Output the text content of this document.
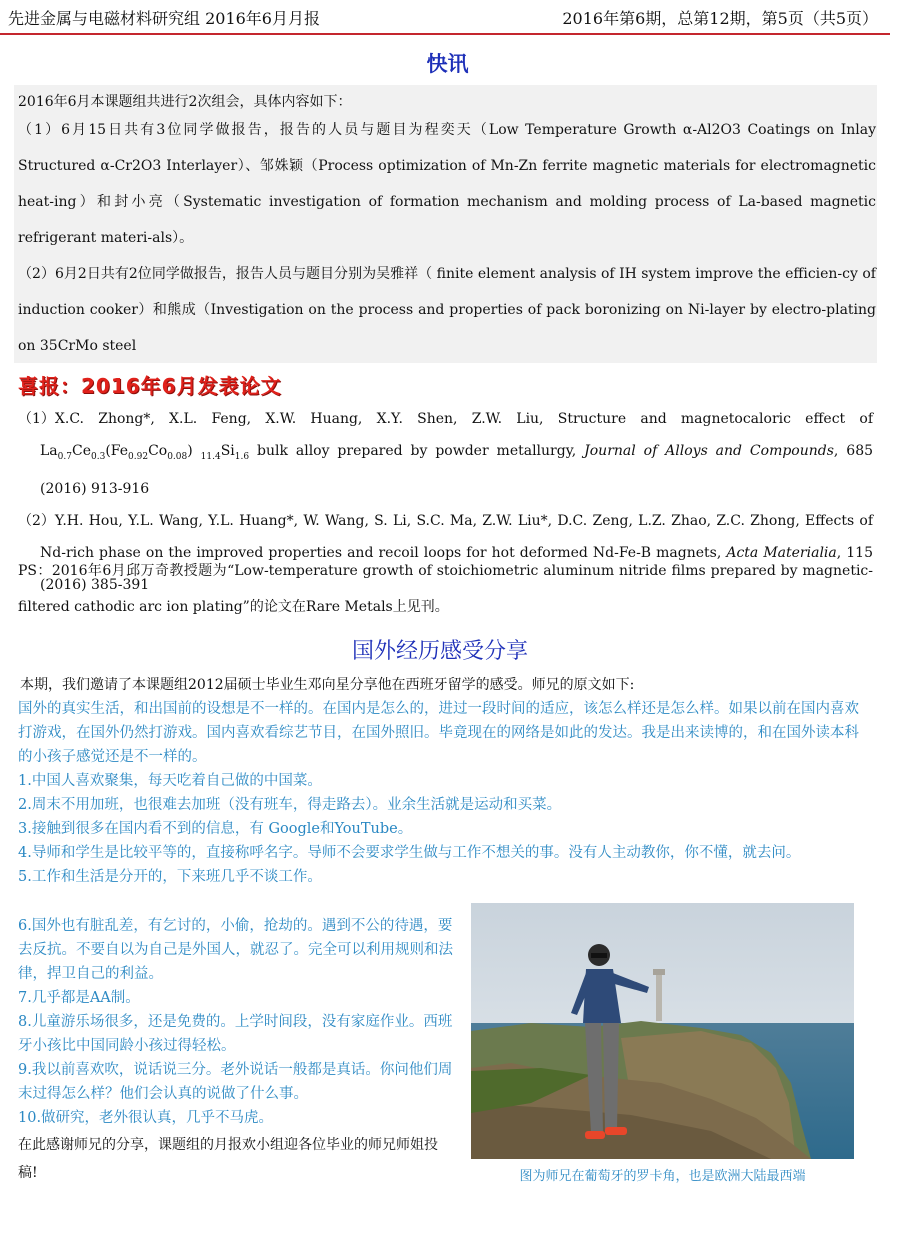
先进金属与电磁材料研究组 2016年6月月报	2016年第6期，总第12期，第5页（共5页）
快讯

2016年6月本课题组共进行2次组会，具体内容如下：

（1）6月15日共有3位同学做报告，报告的人员与题目为程奕天（Low Temperature Growth α-Al2O3 Coatings on Inlay Structured α-Cr2O3 Interlayer）、邹姝颖（Process optimization of Mn-Zn ferrite magnetic materials for electromagnetic heat-ing）和封小亮（Systematic investigation of formation mechanism and molding process of La-based magnetic refrigerant materi-als）。

（2）6月2日共有2位同学做报告，报告人员与题目分别为吴雅祥（ finite element analysis of IH system improve the efficien-cy of induction cooker）和熊成（Investigation on the process and properties of pack boronizing on Ni-layer by electro-plating on 35CrMo steel

喜报：2016年6月发表论文

（1）X.C. Zhong*, X.L. Feng, X.W. Huang, X.Y. Shen, Z.W. Liu, Structure and magnetocaloric effect of $La_{0.7}Ce_{0.3}(Fe_{0.92}Co_{0.08})$ $_{11.4}Si_{1.6}$ bulk alloy prepared by powder metallurgy, Journal of Alloys and Compounds, 685 (2016) 913-916

（2）Y.H. Hou, Y.L. Wang, Y.L. Huang*, W. Wang, S. Li, S.C. Ma, Z.W. Liu*, D.C. Zeng, L.Z. Zhao, Z.C. Zhong, Effects of Nd-rich phase on the improved properties and recoil loops for hot deformed Nd-Fe-B magnets, Acta Materialia, 115 (2016) 385-391

PS：2016年6月邱万奇教授题为“Low-temperature growth of stoichiometric aluminum nitride films prepared by magnetic-filtered cathodic arc ion plating”的论文在Rare Metals上见刊。

国外经历感受分享
本期，我们邀请了本课题组2012届硕士毕业生邓向星分享他在西班牙留学的感受。师兄的原文如下:

国外的真实生活，和出国前的设想是不一样的。在国内是怎么的，进过一段时间的适应，该怎么样还是怎么样。如果以前在国内喜欢打游戏，在国外仍然打游戏。国内喜欢看综艺节目，在国外照旧。毕竟现在的网络是如此的发达。我是出来读博的，和在国外读本科的小孩子感觉还是不一样的。

1.中国人喜欢聚集，每天吃着自己做的中国菜。

2.周末不用加班，也很难去加班（没有班车，得走路去）。业余生活就是运动和买菜。

3.接触到很多在国内看不到的信息，有 Google和YouTube。

4.导师和学生是比较平等的，直接称呼名字。导师不会要求学生做与工作不想关的事。没有人主动教你，你不懂，就去问。

5.工作和生活是分开的，下来班几乎不谈工作。

6.国外也有脏乱差，有乞讨的，小偷，抢劫的。遇到不公的待遇，要去反抗。不要自以为自己是外国人，就忍了。完全可以利用规则和法律，捍卫自己的利益。

7.几乎都是AA制。

8.儿童游乐场很多，还是免费的。上学时间段，没有家庭作业。西班牙小孩比中国同龄小孩过得轻松。

9.我以前喜欢吹，说话说三分。老外说话一般都是真话。你问他们周末过得怎么样？他们会认真的说做了什么事。

10.做研究，老外很认真，几乎不马虎。

在此感谢师兄的分享，课题组的月报欢小组迎各位毕业的师兄师姐投稿!	图为师兄在葡萄牙的罗卡角，也是欧洲大陆最西端
